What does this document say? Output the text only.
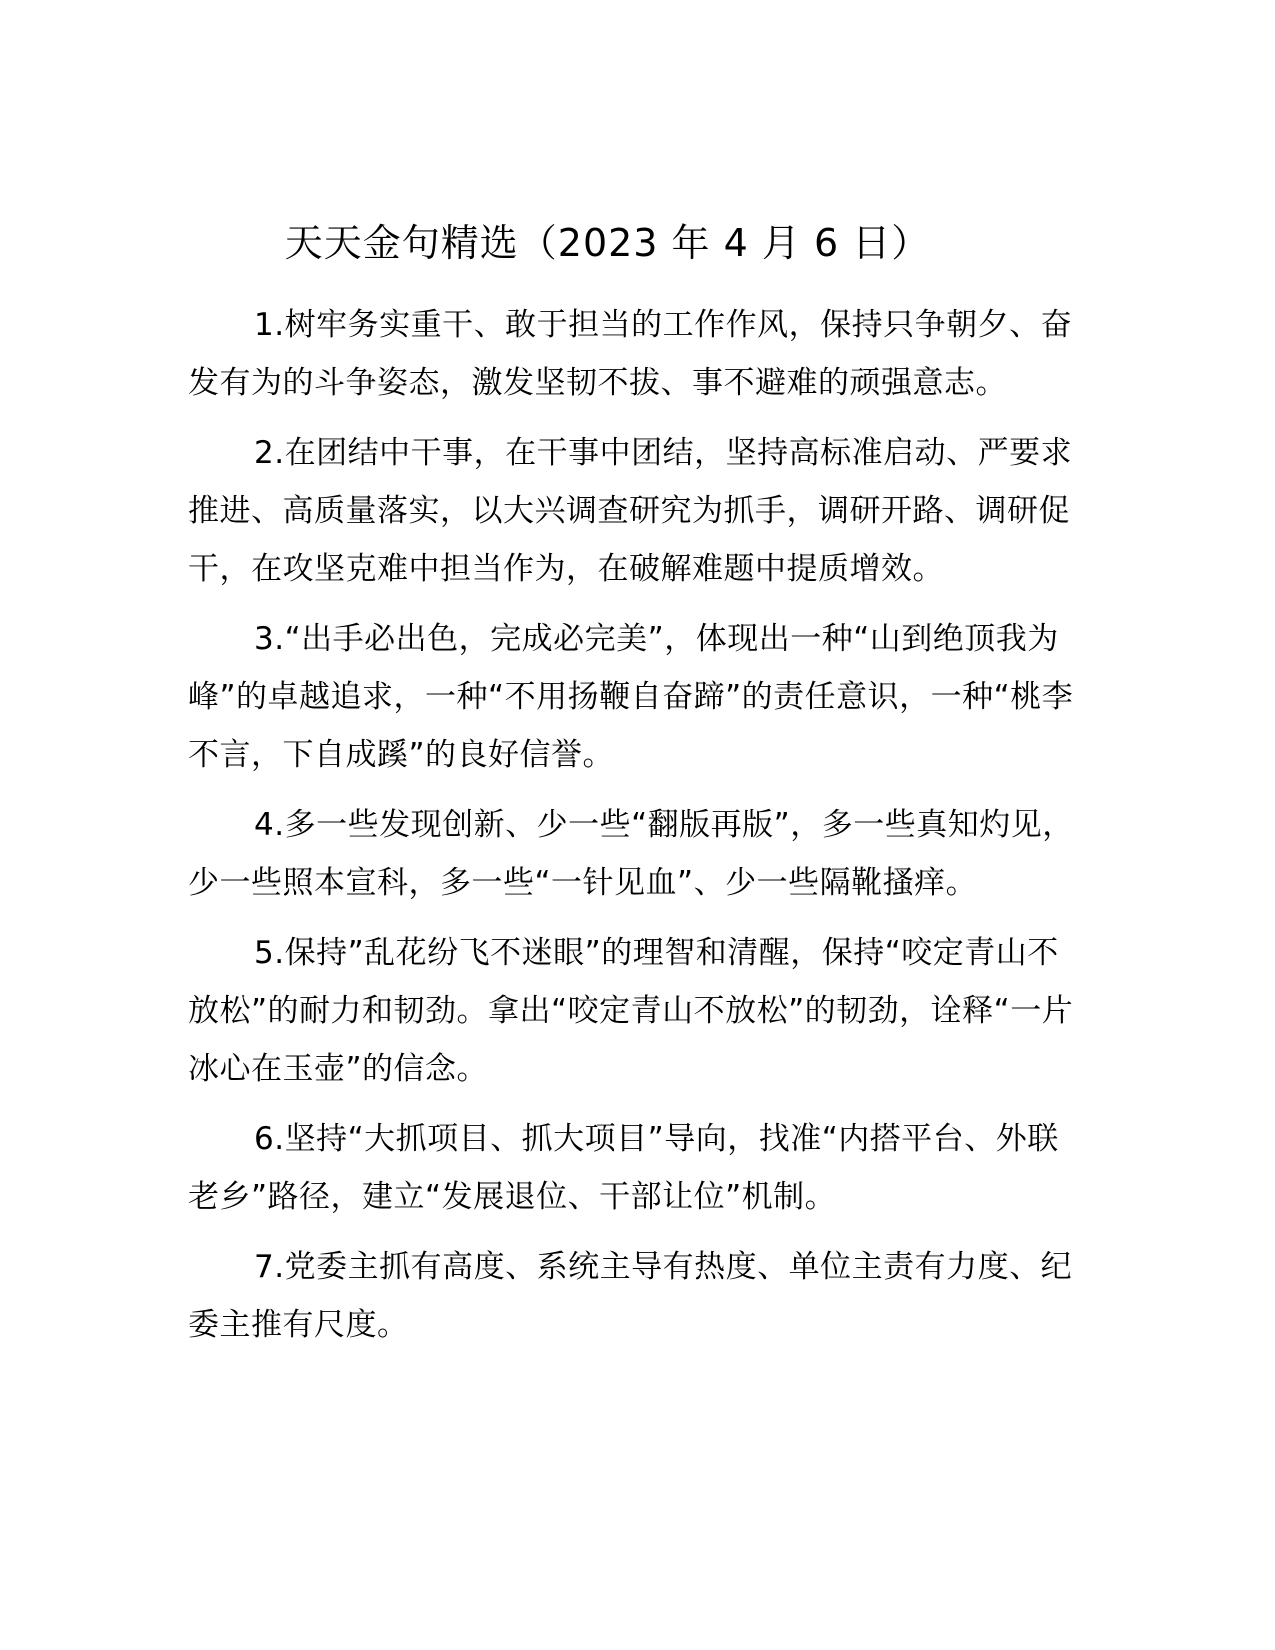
天天金句精选（2023 年 4 月 6 日）

1.树牢务实重干、敢于担当的工作作风，保持只争朝夕、奋发有为的斗争姿态，激发坚韧不拔、事不避难的顽强意志。

2.在团结中干事，在干事中团结，坚持高标准启动、严要求推进、高质量落实，以大兴调查研究为抓手，调研开路、调研促干，在攻坚克难中担当作为，在破解难题中提质增效。

3.“出手必出色，完成必完美”，体现出一种“山到绝顶我为峰”的卓越追求，一种“不用扬鞭自奋蹄”的责任意识，一种“桃李不言，下自成蹊”的良好信誉。

4.多一些发现创新、少一些“翻版再版”，多一些真知灼见，少一些照本宣科，多一些“一针见血”、少一些隔靴搔痒。

5.保持”乱花纷飞不迷眼”的理智和清醒，保持“咬定青山不放松”的耐力和韧劲。拿出“咬定青山不放松”的韧劲，诠释“一片冰心在玉壶”的信念。

6.坚持“大抓项目、抓大项目”导向，找准“内搭平台、外联老乡”路径，建立“发展退位、干部让位”机制。

7.党委主抓有高度、系统主导有热度、单位主责有力度、纪委主推有尺度。
